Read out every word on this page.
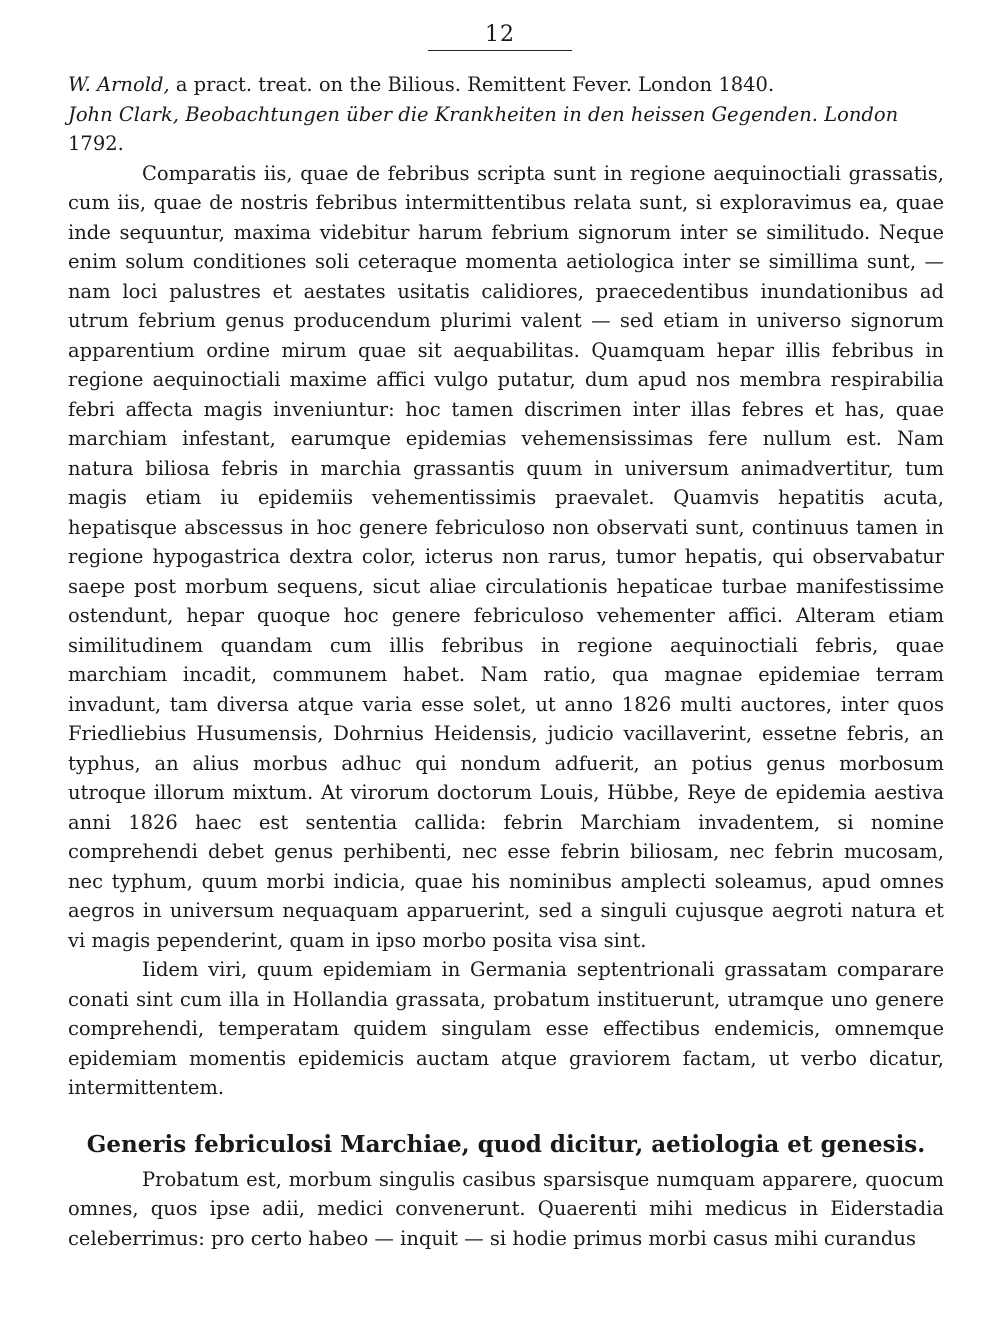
12

W. Arnold, a pract. treat. on the Bilious. Remittent Fever. London 1840.

John Clark, Beobachtungen über die Krankheiten in den heissen Gegenden. London 1792.

Comparatis iis, quae de febribus scripta sunt in regione aequinoctiali grassatis, cum iis, quae de nostris febribus intermittentibus relata sunt, si exploravimus ea, quae inde sequuntur, maxima videbitur harum febrium signorum inter se similitudo. Neque enim solum conditiones soli ceteraque momenta aetiologica inter se simillima sunt, — nam loci palustres et aestates usitatis calidiores, praecedentibus inundationibus ad utrum febrium genus producendum plurimi valent — sed etiam in universo signorum apparentium ordine mirum quae sit aequabilitas. Quamquam hepar illis febribus in regione aequinoctiali maxime affici vulgo putatur, dum apud nos membra respirabilia febri affecta magis inveniuntur: hoc tamen discrimen inter illas febres et has, quae marchiam infestant, earumque epidemias vehemensissimas fere nullum est. Nam natura biliosa febris in marchia grassantis quum in universum animadvertitur, tum magis etiam iu epidemiis vehementissimis praevalet. Quamvis hepatitis acuta, hepatisque abscessus in hoc genere febriculoso non observati sunt, continuus tamen in regione hypogastrica dextra color, icterus non rarus, tumor hepatis, qui observabatur saepe post morbum sequens, sicut aliae circulationis hepaticae turbae manifestissime ostendunt, hepar quoque hoc genere febriculoso vehementer affici. Alteram etiam similitudinem quandam cum illis febribus in regione aequinoctiali febris, quae marchiam incadit, communem habet. Nam ratio, qua magnae epidemiae terram invadunt, tam diversa atque varia esse solet, ut anno 1826 multi auctores, inter quos Friedliebius Husumensis, Dohrnius Heidensis, judicio vacillaverint, essetne febris, an typhus, an alius morbus adhuc qui nondum adfuerit, an potius genus morbosum utroque illorum mixtum. At virorum doctorum Louis, Hübbe, Reye de epidemia aestiva anni 1826 haec est sententia callida: febrin Marchiam invadentem, si nomine comprehendi debet genus perhibenti, nec esse febrin biliosam, nec febrin mucosam, nec typhum, quum morbi indicia, quae his nominibus amplecti soleamus, apud omnes aegros in universum nequaquam apparuerint, sed a singuli cujusque aegroti natura et vi magis pependerint, quam in ipso morbo posita visa sint.

Iidem viri, quum epidemiam in Germania septentrionali grassatam comparare conati sint cum illa in Hollandia grassata, probatum instituerunt, utramque uno genere comprehendi, temperatam quidem singulam esse effectibus endemicis, omnemque epidemiam momentis epidemicis auctam atque graviorem factam, ut verbo dicatur, intermittentem.

Generis febriculosi Marchiae, quod dicitur, aetiologia et genesis.

Probatum est, morbum singulis casibus sparsisque numquam apparere, quocum omnes, quos ipse adii, medici convenerunt. Quaerenti mihi medicus in Eiderstadia celeberrimus: pro certo habeo — inquit — si hodie primus morbi casus mihi curandus
